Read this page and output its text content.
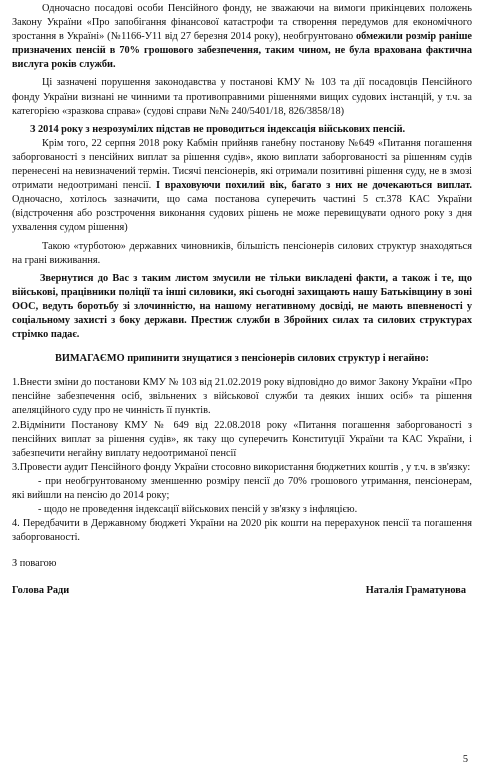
Одночасно посадові особи Пенсійного фонду, не зважаючи на вимоги прикінцевих положень Закону України «Про запобігання фінансової катастрофи та створення передумов для економічного зростання в Україні» (№1166-У11 від 27 березня 2014 року), необгрунтовано обмежили розмір раніше призначених пенсій в 70% грошового забезпечення, таким чином, не була врахована фактична вислуга років служби.

Ці зазначені порушення законодавства у постанові КМУ № 103 та дії посадовців Пенсійного фонду України визнані не чинними та противоправними рішеннями вищих судових інстанцій, у т.ч. за категорією «зразкова справа» (судові справи №№ 240/5401/18, 826/3858/18)

З 2014 року з незрозумілих підстав не проводиться індексація військових пенсій.

Крім того, 22 серпня 2018 року Кабмін прийняв ганебну постанову №649 «Питання погашення заборгованості з пенсійних виплат за рішення судів», якою виплати заборгованості за рішенням судів перенесені на невизначений термін. Тисячі пенсіонерів, які отримали позитивні рішення суду, не в змозі отримати недоотримані пенсії. І враховуючи похилий вік, багато з них не дочекаються виплат. Одночасно, хотілось зазначити, що сама постанова суперечить частині 5 ст.378 КАС України (відстрочення або розстрочення виконання судових рішень не може перевищувати одного року з дня ухвалення судом рішення)

Такою «турботою» державних чиновників, більшість пенсіонерів силових структур знаходяться на грані виживання.

Звернутися до Вас з таким листом змусили не тільки викладені факти, а також і те, що військові, працівники поліції та інші силовики, які сьогодні захищають нашу Батьківщину в зоні ООС, ведуть боротьбу зі злочинністю, на нашому негативному досвіді, не мають впевненості у соціальному захисті з боку держави. Престиж служби в Збройних силах та силових структурах стрімко падає.

ВИМАГАЄМО припинити знущатися з пенсіонерів силових структур і негайно:

1.Внести зміни до постанови КМУ № 103 від 21.02.2019 року відповідно до вимог Закону України «Про пенсійне забезпечення осіб, звільнених з військової служби та деяких інших осіб» та рішення апеляційного суду про не чинність її пунктів.

2.Відмінити Постанову КМУ № 649 від 22.08.2018 року «Питання погашення заборгованості з пенсійних виплат за рішення судів», як таку що суперечить Конституції України та КАС України, і забезпечити негайну виплату недоотриманої пенсії

3.Провести аудит Пенсійного фонду України стосовно використання бюджетних коштів , у т.ч. в зв'язку:

- при необгрунтованому зменшенню розміру пенсії до 70% грошового утримання, пенсіонерам, які вийшли на пенсію до 2014 року;

- щодо не проведення індексації військових пенсій у зв'язку з інфляцією.

4. Передбачити в Державному бюджеті України на 2020 рік кошти на перерахунок пенсії та погашення заборгованості.

З повагою

Голова Ради	Наталія Граматунова
5
